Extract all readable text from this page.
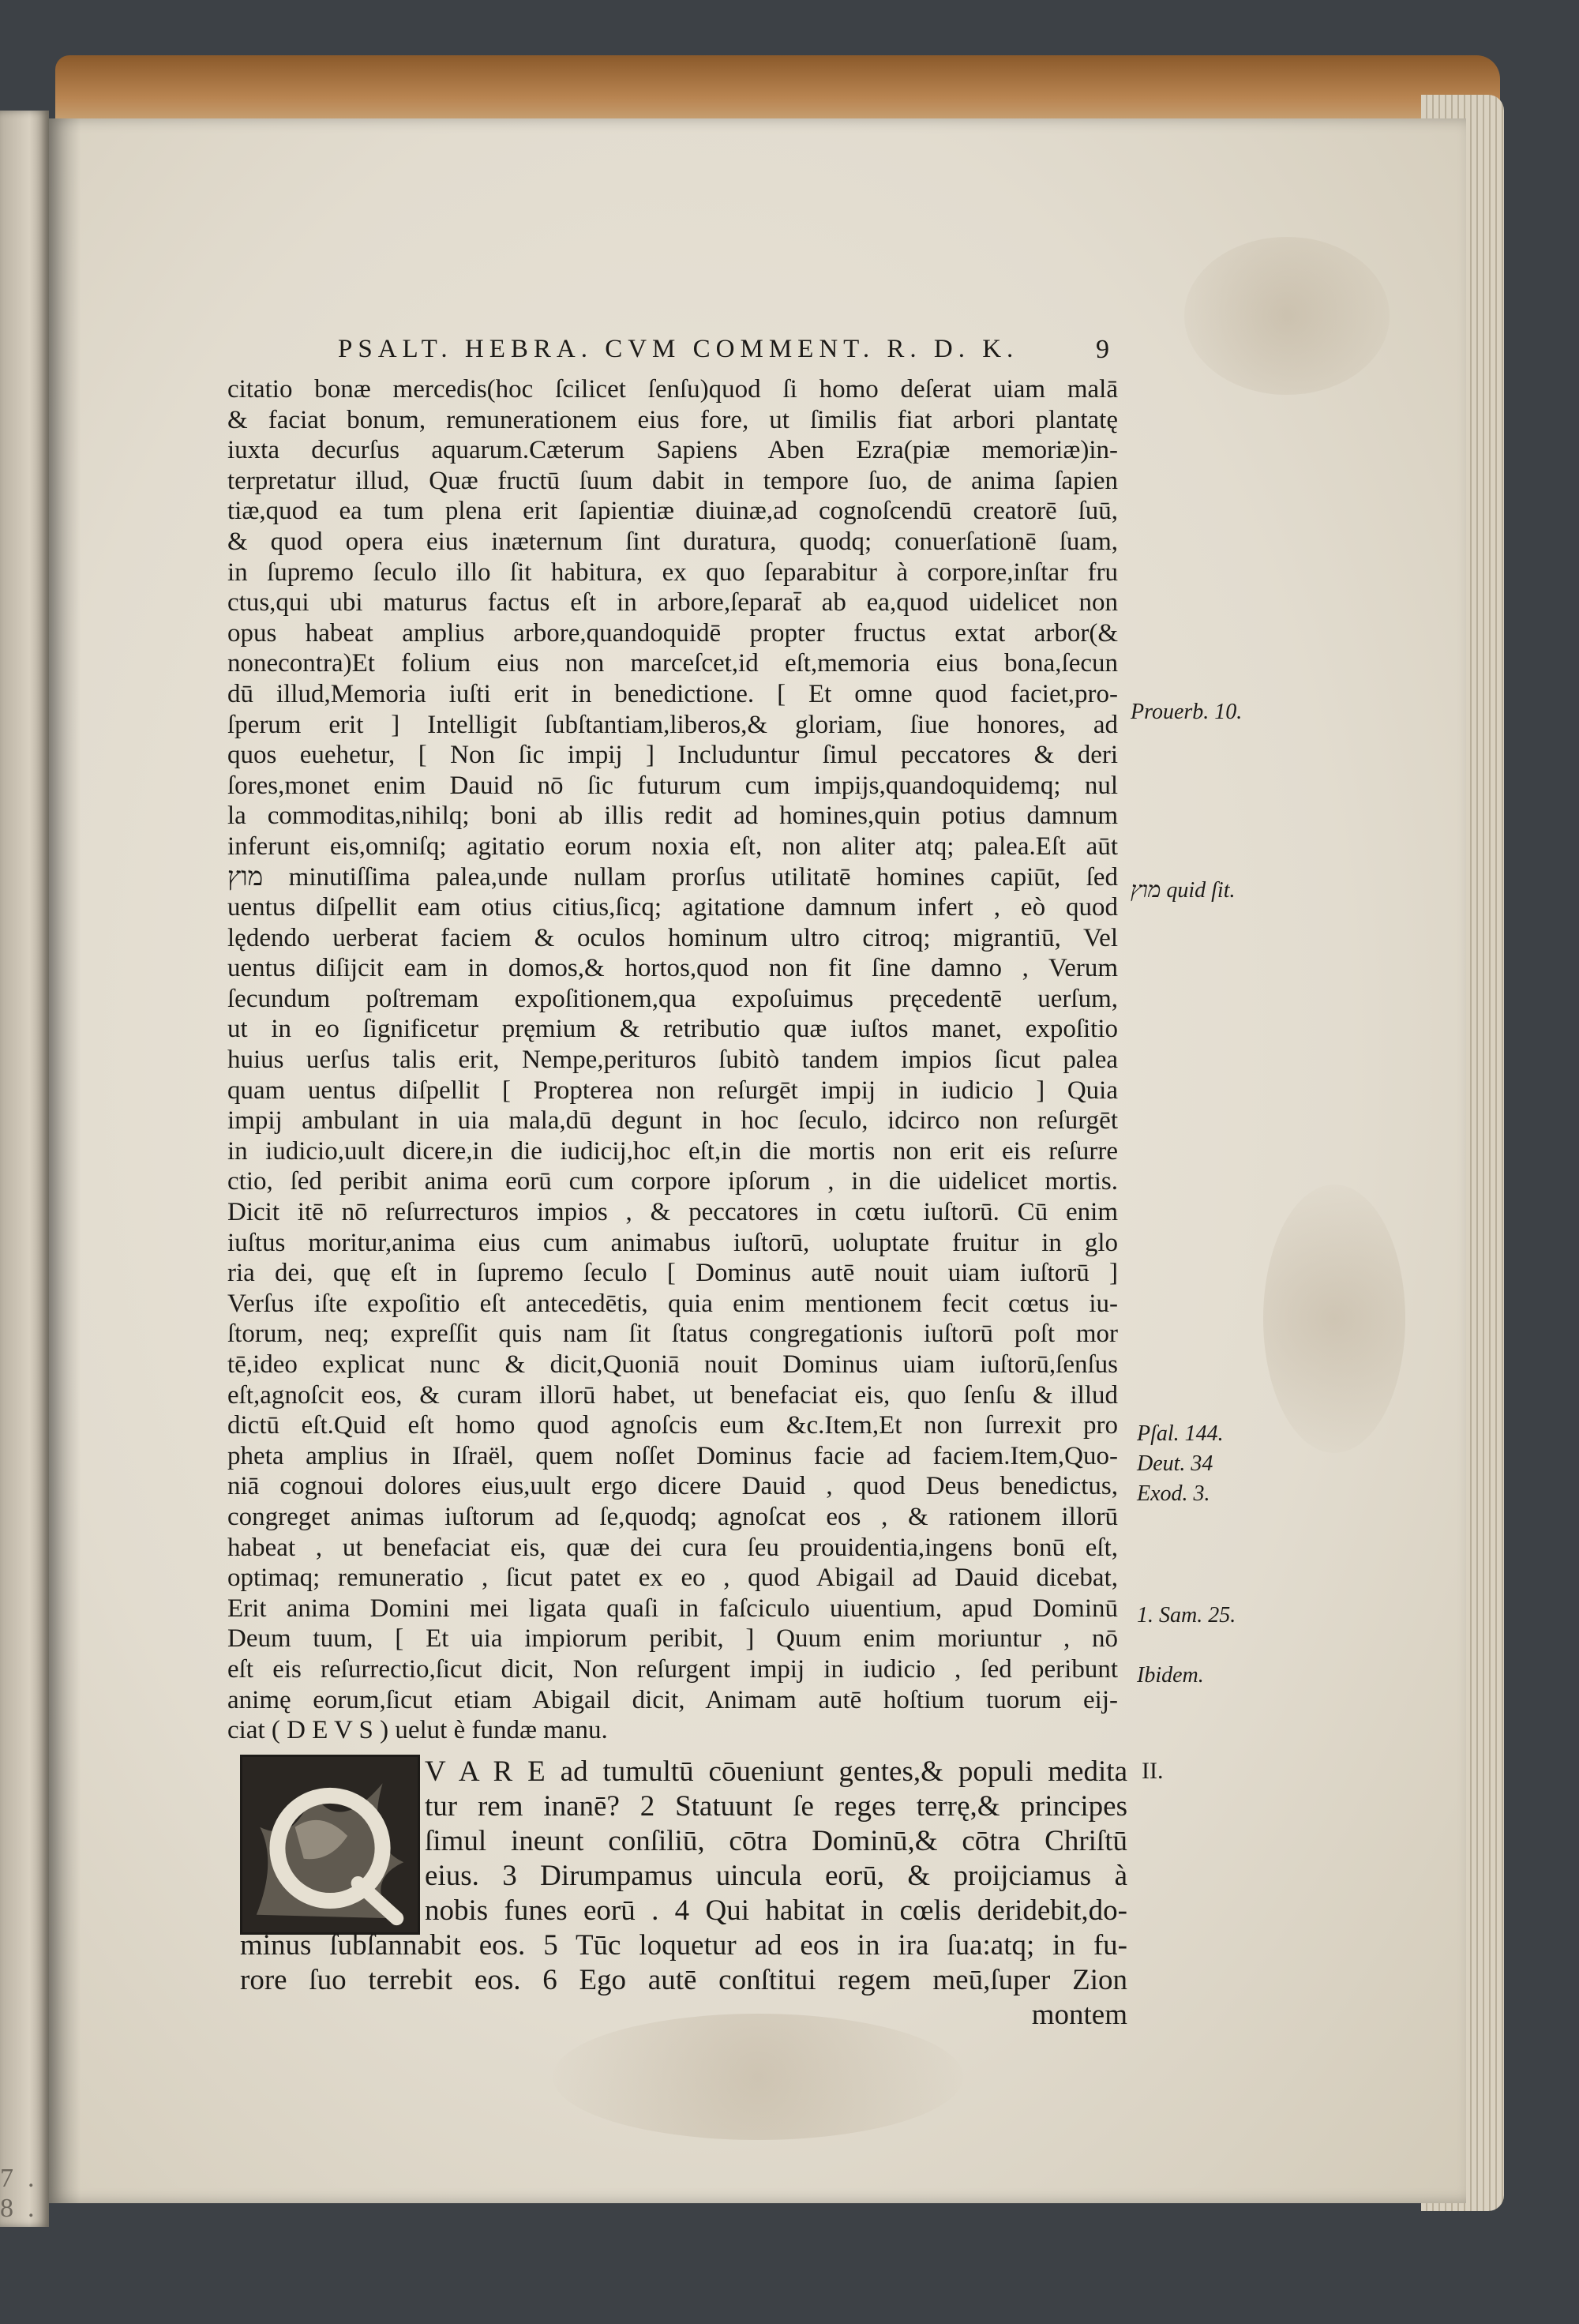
7. 8.
PSALT. HEBRA. CVM COMMENT. R. D. K.	9
citatio bonæ mercedis(hoc ſcilicet ſenſu)quod ſi homo deſerat uiam malā
& faciat bonum, remunerationem eius fore, ut ſimilis fiat arbori plantatę
iuxta decurſus aquarum.Cæterum Sapiens Aben Ezra(piæ memoriæ)in-
terpretatur illud, Quæ fructū ſuum dabit in tempore ſuo, de anima ſapien
tiæ,quod ea tum plena erit ſapientiæ diuinæ,ad cognoſcendū creatorē ſuū,
& quod opera eius inæternum ſint duratura, quodq; conuerſationē ſuam,
in ſupremo ſeculo illo ſit habitura, ex quo ſeparabitur à corpore,inſtar fru
ctus,qui ubi maturus factus eſt in arbore,ſeparat̄ ab ea,quod uidelicet non
opus habeat amplius arbore,quandoquidē propter fructus extat arbor(&
nonecontra)Et folium eius non marceſcet,id eſt,memoria eius bona,ſecun
dū illud,Memoria iuſti erit in benedictione. [ Et omne quod faciet,pro-
ſperum erit ] Intelligit ſubſtantiam,liberos,& gloriam, ſiue honores, ad
quos euehetur, [ Non ſic impij ] Includuntur ſimul peccatores & deri
ſores,monet enim Dauid nō ſic futurum cum impijs,quandoquidemq; nul
la commoditas,nihilq; boni ab illis redit ad homines,quin potius damnum
inferunt eis,omniſq; agitatio eorum noxia eſt, non aliter atq; palea.Eſt aūt
מוץ minutiſſima palea,unde nullam prorſus utilitatē homines capiūt, ſed
uentus diſpellit eam otius citius,ſicq; agitatione damnum infert , eò quod
lędendo uerberat faciem & oculos hominum ultro citroq; migrantiū, Vel
uentus diſijcit eam in domos,& hortos,quod non fit ſine damno , Verum
ſecundum poſtremam expoſitionem,qua expoſuimus pręcedentē uerſum,
ut in eo ſignificetur pręmium & retributio quæ iuſtos manet, expoſitio
huius uerſus talis erit, Nempe,perituros ſubitò tandem impios ſicut palea
quam uentus diſpellit [ Propterea non reſurgēt impij in iudicio ] Quia
impij ambulant in uia mala,dū degunt in hoc ſeculo, idcirco non reſurgēt
in iudicio,uult dicere,in die iudicij,hoc eſt,in die mortis non erit eis reſurre
ctio, ſed peribit anima eorū cum corpore ipſorum , in die uidelicet mortis.
Dicit itē nō reſurrecturos impios , & peccatores in cœtu iuſtorū. Cū enim
iuſtus moritur,anima eius cum animabus iuſtorū, uoluptate fruitur in glo
ria dei, quę eſt in ſupremo ſeculo [ Dominus autē nouit uiam iuſtorū ]
Verſus iſte expoſitio eſt antecedētis, quia enim mentionem fecit cœtus iu-
ſtorum, neq; expreſſit quis nam ſit ſtatus congregationis iuſtorū poſt mor
tē,ideo explicat nunc & dicit,Quoniā nouit Dominus uiam iuſtorū,ſenſus
eſt,agnoſcit eos, & curam illorū habet, ut benefaciat eis, quo ſenſu & illud
dictū eſt.Quid eſt homo quod agnoſcis eum &c.Item,Et non ſurrexit pro
pheta amplius in Iſraël, quem noſſet Dominus facie ad faciem.Item,Quo-
niā cognoui dolores eius,uult ergo dicere Dauid , quod Deus benedictus,
congreget animas iuſtorum ad ſe,quodq; agnoſcat eos , & rationem illorū
habeat , ut benefaciat eis, quæ dei cura ſeu prouidentia,ingens bonū eſt,
optimaq; remuneratio , ſicut patet ex eo , quod Abigail ad Dauid dicebat,
Erit anima Domini mei ligata quaſi in faſciculo uiuentium, apud Dominū
Deum tuum, [ Et uia impiorum peribit, ] Quum enim moriuntur , nō
eſt eis reſurrectio,ſicut dicit, Non reſurgent impij in iudicio , ſed peribunt
animę eorum,ſicut etiam Abigail dicit, Animam autē hoſtium tuorum eij-
ciat ( D E V S ) uelut è fundæ manu.
Prouerb. 10.
מוץ quid ſit.
Pſal. 144.
Deut. 34
Exod. 3.
1. Sam. 25.
Ibidem.
II.
V A R E ad tumultū cōueniunt gentes,& populi medita
tur rem inanē? 2 Statuunt ſe reges terrę,& principes
ſimul ineunt conſiliū, cōtra Dominū,& cōtra Chriſtū
eius. 3 Dirumpamus uincula eorū, & proijciamus à
nobis funes eorū . 4 Qui habitat in cœlis deridebit,do-
minus ſubſannabit eos. 5 Tūc loquetur ad eos in ira ſua:atq; in fu-
rore ſuo terrebit eos. 6 Ego autē conſtitui regem meū,ſuper Zion
montem
